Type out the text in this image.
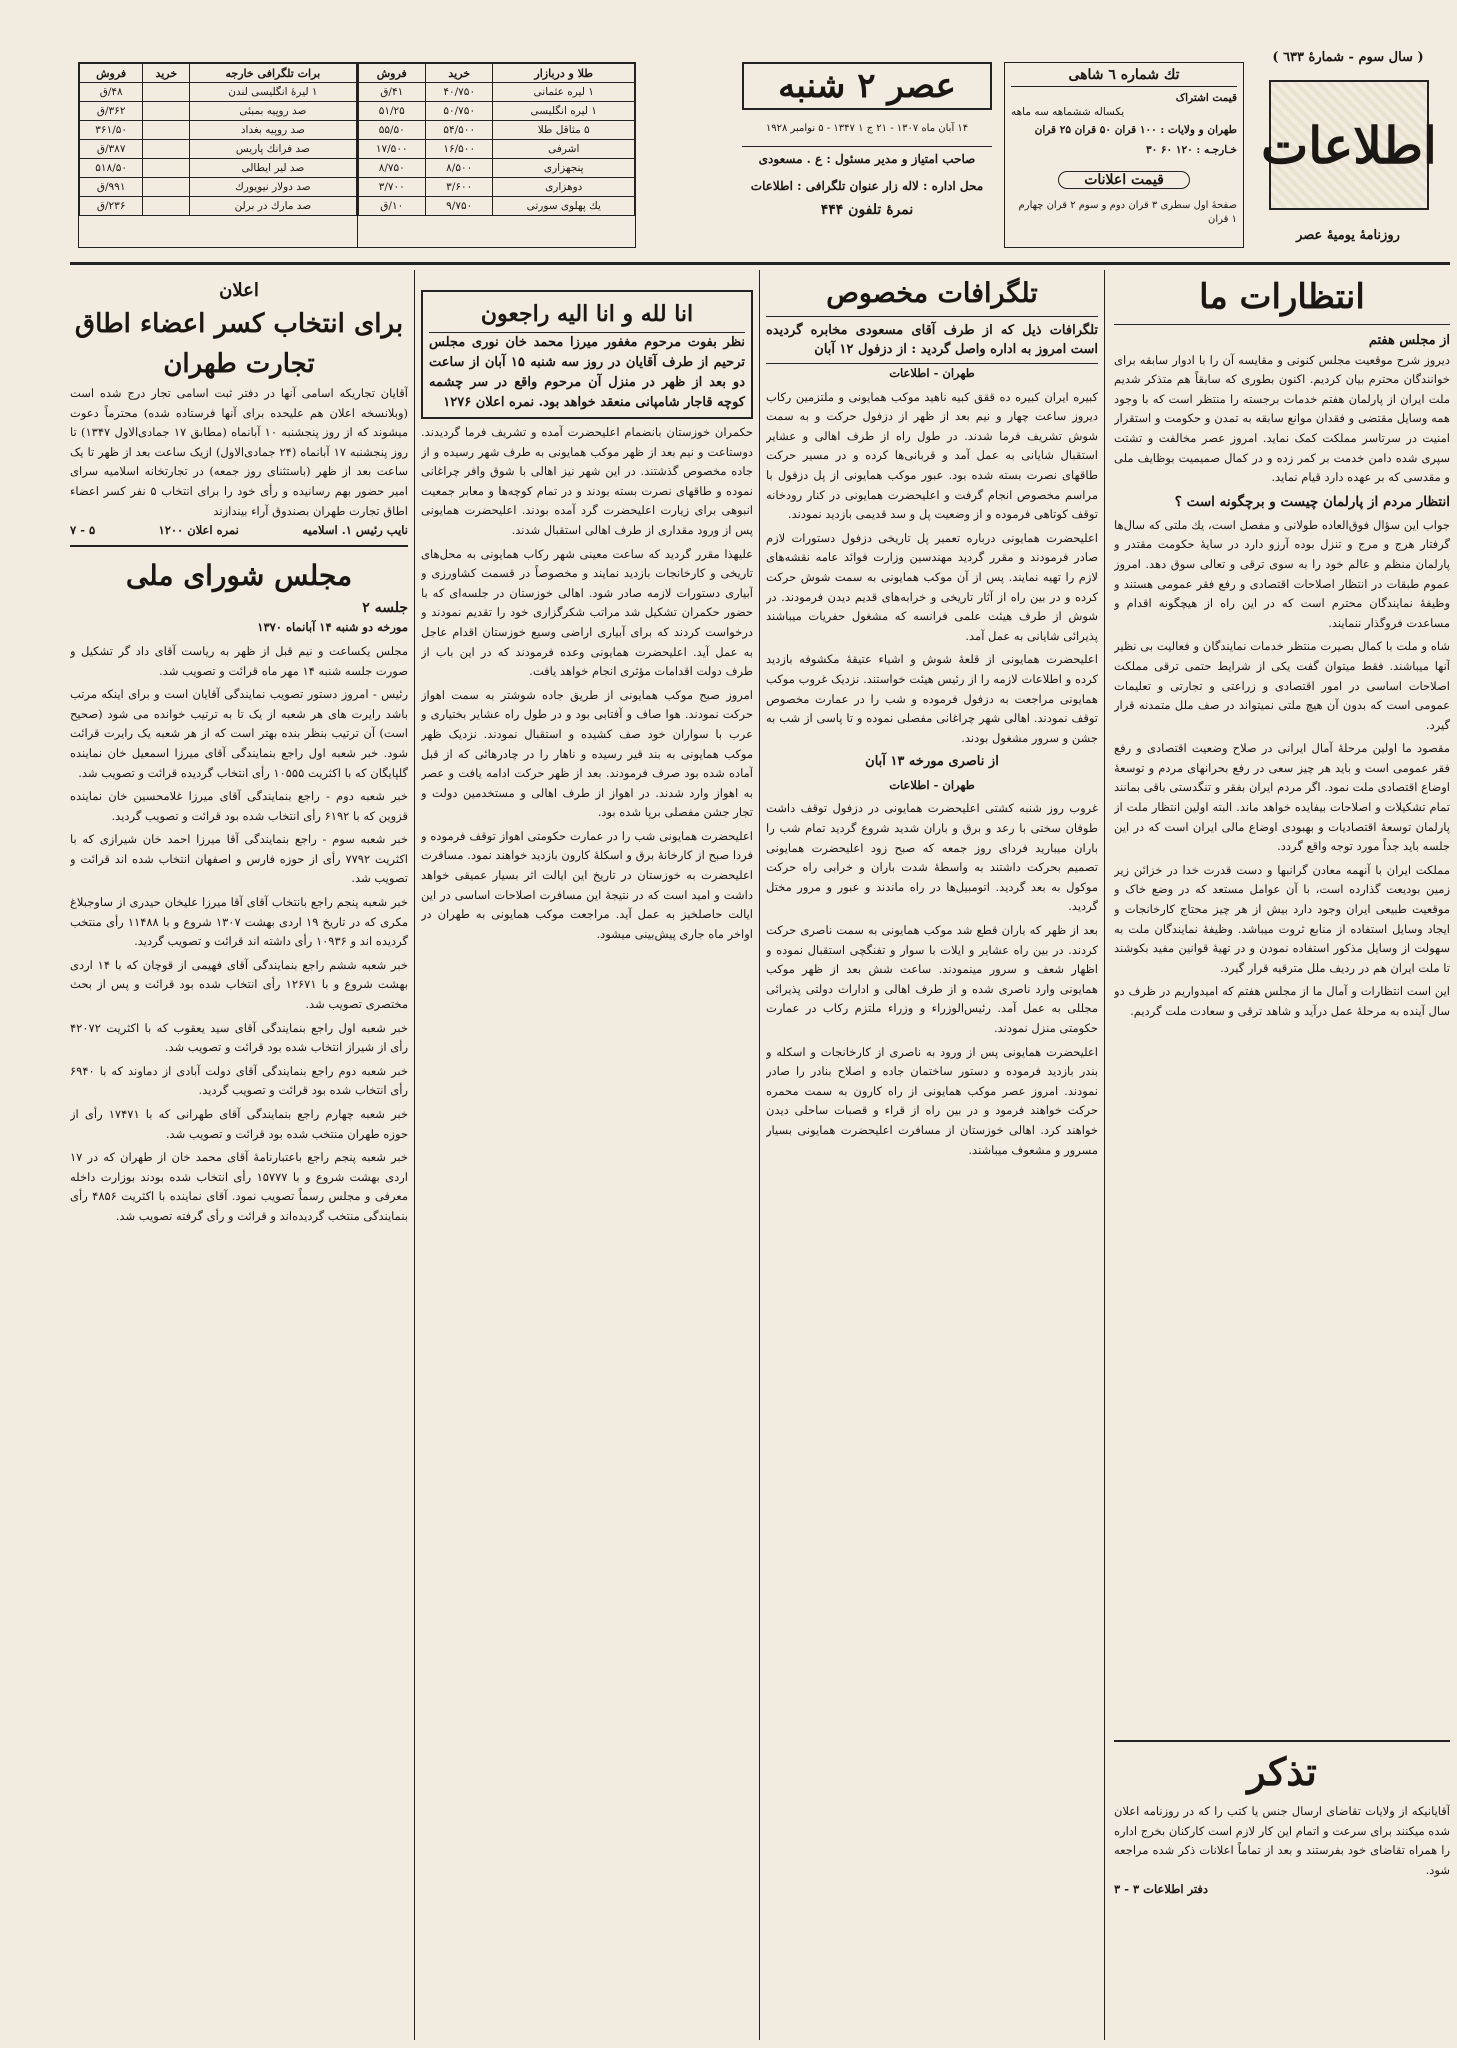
( سال سوم - شمارهٔ ٦٣٣ )
اطلاعات
روزنامهٔ یومیهٔ عصر
تك شماره ٦ شاهی
قیمت اشتراک
یکساله ششماهه سه ماهه
طهران و ولایات : ۱۰۰ قران ۵۰ قران ۲۵ قران
خـارجـه : ۱۲۰ ۶۰ ۳۰
قیمت اعلانات
صفحهٔ اول سطری ۳ قران دوم و سوم ۲ قران چهارم ۱ قران
عصر ۲ شنبه
۱۴ آبان ماه ۱۳۰۷ - ۲۱ ج ۱ ۱۳۴۷ - ۵ نوامبر ۱۹۲۸
صاحب امتیاز و مدیر مسئول : ع . مسعودی
محل اداره : لاله زار عنوان تلگرافی : اطلاعات
نمرهٔ تلفون ۴۴۴
طلا و دربازار	خرید	فروش
۱ لیره عثمانی	۴۰/۷۵۰	۴۱/ق
۱ لیره انگلیسی	۵۰/۷۵۰	۵۱/۲۵
۵ مثاقل طلا	۵۴/۵۰۰	۵۵/۵۰
اشرفی	۱۶/۵۰۰	۱۷/۵۰۰
پنجهزاری	۸/۵۰۰	۸/۷۵۰
دوهزاری	۳/۶۰۰	۳/۷۰۰
یك پهلوی سورتی	۹/۷۵۰	۱۰/ق
برات تلگرافی خارجه	خرید	فروش
۱ لیرهٔ انگلیسی لندن		۴۸/ق
صد روپیه بمبئی		۳۶۲/ق
صد روپیه بغداد		۳۶۱/۵۰
صد فرانك پاریس		۳۸۷/ق
صد لیر ایطالی		۵۱۸/۵۰
صد دولار نیویورك		۹۹۱/ق
صد مارك در برلن		۲۳۶/ق
انتظارات ما
از مجلس هفتم

دیروز شرح موقعیت مجلس کنونی و مقایسه آن را با ادوار سابقه برای خوانندگان محترم بیان کردیم. اکنون بطوری که سابقاً هم متذکر شدیم ملت ایران از پارلمان هفتم خدمات برجسته را منتظر است که با وجود همه وسایل مقتضی و فقدان موانع سابقه به تمدن و حکومت و استقرار امنیت در سرتاسر مملکت کمک نماید. امروز عصر مخالفت و تشتت سپری شده دامن خدمت بر کمر زده و در کمال صمیمیت بوظایف ملی و مقدسی که بر عهده دارد قیام نماید.

انتظار مردم از پارلمان چیست و برچگونه است ؟

جواب این سؤال فوق‌العاده طولانی و مفصل است، یك ملتی كه سال‌ها گرفتار هرج و مرج و تنزل بوده آرزو دارد در سایهٔ حکومت مقتدر و پارلمان منظم و عالم خود را به سوی ترقی و تعالی سوق دهد. امروز عموم طبقات در انتظار اصلاحات اقتصادی و رفع فقر عمومی هستند و وظیفهٔ نمایندگان محترم است که در این راه از هیچگونه اقدام و مساعدت فروگذار ننمایند.

شاه و ملت با کمال بصیرت منتظر خدمات نمایندگان و فعالیت بی نظیر آنها میباشند. فقط میتوان گفت یکی از شرایط حتمی ترقی مملکت اصلاحات اساسی در امور اقتصادی و زراعتی و تجارتی و تعلیمات عمومی است که بدون آن هیچ ملتی نمیتواند در صف ملل متمدنه قرار گیرد.

مقصود ما اولین مرحلهٔ آمال ایرانی در صلاح وضعیت اقتصادی و رفع فقر عمومی است و باید هر چیز سعی در رفع بحرانهای مردم و توسعهٔ اوضاع اقتصادی ملت نمود. اگر مردم ایران بفقر و تنگدستی باقی بمانند تمام تشکیلات و اصلاحات بیفایده خواهد ماند. البته اولین انتظار ملت از پارلمان توسعهٔ اقتصادیات و بهبودی اوضاع مالی ایران است که در این جلسه باید جداً مورد توجه واقع گردد.

مملکت ایران با آنهمه معادن گرانبها و دست قدرت خدا در خزائن زیر زمین بودیعت گذارده است، با آن عوامل مستعد که در وضع خاک و موقعیت طبیعی ایران وجود دارد بیش از هر چیز محتاج کارخانجات و ایجاد وسایل استفاده از منابع ثروت میباشد. وظیفهٔ نمایندگان ملت به سهولت از وسایل مذکور استفاده نمودن و در تهیهٔ قوانین مفید بکوشند تا ملت ایران هم در ردیف ملل مترقیه قرار گیرد.

این است انتظارات و آمال ما از مجلس هفتم که امیدواریم در ظرف دو سال آینده به مرحلهٔ عمل درآید و شاهد ترقی و سعادت ملت گردیم.

تذکر

آقایانیکه از ولایات تقاضای ارسال جنس یا کتب را که در روزنامه اعلان شده میکنند برای سرعت و اتمام این کار لازم است کارکنان بخرج اداره را همراه تقاضای خود بفرستند و بعد از تماماً اعلانات ذکر شده مراجعه شود.

دفتر اطلاعات ۳ - ۳
تلگرافات مخصوص
تلگرافات ذیل که از طرف آقای مسعودی مخابره گردیده است امروز به اداره واصل گردید : از دزفول ۱۲ آبان

طهران - اطلاعات

کبیره ایران کبیره ده ققق کبیه ناهید موکب همایونی و ملتزمین رکاب دیروز ساعت چهار و نیم بعد از ظهر از دزفول حرکت و به سمت شوش تشریف فرما شدند. در طول راه از طرف اهالی و عشایر استقبال شایانی به عمل آمد و قربانی‌ها کرده و در مسیر حرکت طاقهای نصرت بسته شده بود. عبور موکب همایونی از پل دزفول با مراسم مخصوص انجام گرفت و اعلیحضرت همایونی در کنار رودخانه توقف کوتاهی فرموده و از وضعیت پل و سد قدیمی بازدید نمودند.

اعلیحضرت همایونی درباره تعمیر پل تاریخی دزفول دستورات لازم صادر فرمودند و مقرر گردید مهندسین وزارت فوائد عامه نقشه‌های لازم را تهیه نمایند. پس از آن موکب همایونی به سمت شوش حرکت کرده و در بین راه از آثار تاریخی و خرابه‌های قدیم دیدن فرمودند. در شوش از طرف هیئت علمی فرانسه که مشغول حفریات میباشند پذیرائی شایانی به عمل آمد.

اعلیحضرت همایونی از قلعهٔ شوش و اشیاء عتیقهٔ مکشوفه بازدید کرده و اطلاعات لازمه را از رئیس هیئت خواستند. نزدیک غروب موکب همایونی مراجعت به دزفول فرموده و شب را در عمارت مخصوص توقف نمودند. اهالی شهر چراغانی مفصلی نموده و تا پاسی از شب به جشن و سرور مشغول بودند.

از ناصری مورخه ۱۳ آبان

طهران - اطلاعات

غروب روز شنبه کشتی اعلیحضرت همایونی در دزفول توقف داشت طوفان سختی با رعد و برق و باران شدید شروع گردید تمام شب را باران میبارید فردای روز جمعه که صبح زود اعلیحضرت همایونی تصمیم بحرکت داشتند به واسطهٔ شدت باران و خرابی راه حرکت موکول به بعد گردید. اتومبیل‌ها در راه ماندند و عبور و مرور مختل گردید.

بعد از ظهر که باران قطع شد موکب همایونی به سمت ناصری حرکت کردند. در بین راه عشایر و ایلات با سوار و تفنگچی استقبال نموده و اظهار شعف و سرور مینمودند. ساعت شش بعد از ظهر موکب همایونی وارد ناصری شده و از طرف اهالی و ادارات دولتی پذیرائی مجللی به عمل آمد. رئیس‌الوزراء و وزراء ملتزم رکاب در عمارت حکومتی منزل نمودند.

اعلیحضرت همایونی پس از ورود به ناصری از کارخانجات و اسکله و بندر بازدید فرموده و دستور ساختمان جاده و اصلاح بنادر را صادر نمودند. امروز عصر موکب همایونی از راه کارون به سمت محمره حرکت خواهند فرمود و در بین راه از قراء و قصبات ساحلی دیدن خواهند کرد. اهالی خوزستان از مسافرت اعلیحضرت همایونی بسیار مسرور و مشعوف میباشند.

انا لله و انا الیه راجعون
نظر بفوت مرحوم مغفور میرزا محمد خان نوری مجلس ترحیم از طرف آقایان در روز سه شنبه ۱۵ آبان از ساعت دو بعد از ظهر در منزل آن مرحوم واقع در سر چشمه کوچه قاجار شامپانی منعقد خواهد بود. نمره اعلان ۱۲۷۶

حکمران خوزستان بانضمام اعلیحضرت آمده و تشریف فرما گردیدند. دوستاعت و نیم بعد از ظهر موکب همایونی به طرف شهر رسیده و از جاده مخصوص گذشتند. در این شهر نیز اهالی با شوق وافر چراغانی نموده و طاقهای نصرت بسته بودند و در تمام کوچه‌ها و معابر جمعیت انبوهی برای زیارت اعلیحضرت گرد آمده بودند. اعلیحضرت همایونی پس از ورود مقداری از طرف اهالی استقبال شدند.

علیهذا مقرر گردید که ساعت معینی شهر رکاب همایونی به محل‌های تاریخی و کارخانجات بازدید نمایند و مخصوصاً در قسمت کشاورزی و آبیاری دستورات لازمه صادر شود. اهالی خوزستان در جلسه‌ای که با حضور حکمران تشکیل شد مراتب شکرگزاری خود را تقدیم نمودند و درخواست کردند که برای آبیاری اراضی وسیع خوزستان اقدام عاجل به عمل آید. اعلیحضرت همایونی وعده فرمودند که در این باب از طرف دولت اقدامات مؤثری انجام خواهد یافت.

امروز صبح موکب همایونی از طریق جاده شوشتر به سمت اهواز حرکت نمودند. هوا صاف و آفتابی بود و در طول راه عشایر بختیاری و عرب با سواران خود صف کشیده و استقبال نمودند. نزدیک ظهر موکب همایونی به بند قیر رسیده و ناهار را در چادرهائی که از قبل آماده شده بود صرف فرمودند. بعد از ظهر حرکت ادامه یافت و عصر به اهواز وارد شدند. در اهواز از طرف اهالی و مستخدمین دولت و تجار جشن مفصلی برپا شده بود.

اعلیحضرت همایونی شب را در عمارت حکومتی اهواز توقف فرموده و فردا صبح از کارخانهٔ برق و اسکلهٔ کارون بازدید خواهند نمود. مسافرت اعلیحضرت به خوزستان در تاریخ این ایالت اثر بسیار عمیقی خواهد داشت و امید است که در نتیجهٔ این مسافرت اصلاحات اساسی در این ایالت حاصلخیز به عمل آید. مراجعت موکب همایونی به طهران در اواخر ماه جاری پیش‌بینی میشود.

اعلان
برای انتخاب کسر اعضاء اطاق تجارت طهران

آقایان تجاریکه اسامی آنها در دفتر ثبت اسامی تجار درج شده است (وبلانسخه اعلان هم علیحده برای آنها فرستاده شده) محترماً دعوت میشوند که از روز پنجشنبه ۱۰ آبانماه (مطابق ۱۷ جمادی‌الاول ۱۳۴۷) تا روز پنجشنبه ۱۷ آبانماه (۲۴ جمادی‌الاول) ازیک ساعت بعد از ظهر تا یک ساعت بعد از ظهر (باستثنای روز جمعه) در تجارتخانه اسلامیه سرای امیر حضور بهم رسانیده و رأی خود را برای انتخاب ۵ نفر کسر اعضاء اطاق تجارت طهران بصندوق آراء بیندازند

نایب رئیس ۱. اسلامیه
نمره اعلان ۱۲۰۰
۵ - ۷
مجلس شورای ملی
جلسه ۲

مورخه دو شنبه ۱۴ آبانماه ۱۳۷۰

مجلس یکساعت و نیم قبل از ظهر به ریاست آقای داد گر تشکیل و صورت جلسه شنبه ۱۴ مهر ماه قرائت و تصویب شد.

رئیس - امروز دستور تصویب نمایندگی آقایان است و برای اینکه مرتب باشد رایرت های هر شعبه از یک تا به ترتیب خوانده می شود (صحیح است) آن ترتیب بنظر بنده بهتر است که از هر شعبه یک رایرت قرائت شود. خبر شعبه اول راجع بنمایندگی آقای میرزا اسمعیل خان نماینده گلپایگان که با اکثریت ۱۰۵۵۵ رأی انتخاب گردیده قرائت و تصویب شد.

خبر شعبه دوم - راجع بنمایندگی آقای میرزا غلامحسین خان نماینده قزوین که با ۶۱۹۲ رأی انتخاب شده بود قرائت و تصویب گردید.

خبر شعبه سوم - راجع بنمایندگی آقا میرزا احمد خان شیرازی که با اکثریت ۷۷۹۲ رأی از حوزه فارس و اصفهان انتخاب شده اند قرائت و تصویب شد.

خبر شعبه پنجم راجع بانتخاب آقای آقا میرزا علیخان حیدری از ساوجبلاغ مکری که در تاریخ ۱۹ اردی بهشت ۱۳۰۷ شروع و با ۱۱۴۸۸ رأی منتخب گردیده اند و ۱۰۹۳۶ رأی داشته اند قرائت و تصویب گردید.

خبر شعبه ششم راجع بنمایندگی آقای فهیمی از قوچان که با ۱۴ اردی بهشت شروع و با ۱۲۶۷۱ رأی انتخاب شده بود قرائت و پس از بحث مختصری تصویب شد.

خبر شعبه اول راجع بنمایندگی آقای سید یعقوب که با اکثریت ۴۲۰۷۲ رأی از شیراز انتخاب شده بود قرائت و تصویب شد.

خبر شعبه دوم راجع بنمایندگی آقای دولت آبادی از دماوند که با ۶۹۴۰ رأی انتخاب شده بود قرائت و تصویب گردید.

خبر شعبه چهارم راجع بنمایندگی آقای طهرانی که با ۱۷۴۷۱ رأی از حوزه طهران منتخب شده بود قرائت و تصویب شد.

خبر شعبه پنجم راجع باعتبارنامهٔ آقای محمد خان از طهران که در ۱۷ اردی بهشت شروع و با ۱۵۷۷۷ رأی انتخاب شده بودند بوزارت داخله معرفی و مجلس رسماً تصویب نمود. آقای نماینده با اکثریت ۴۸۵۶ رأی بنمایندگی منتخب گردیده‌اند و قرائت و رأی گرفته تصویب شد.
